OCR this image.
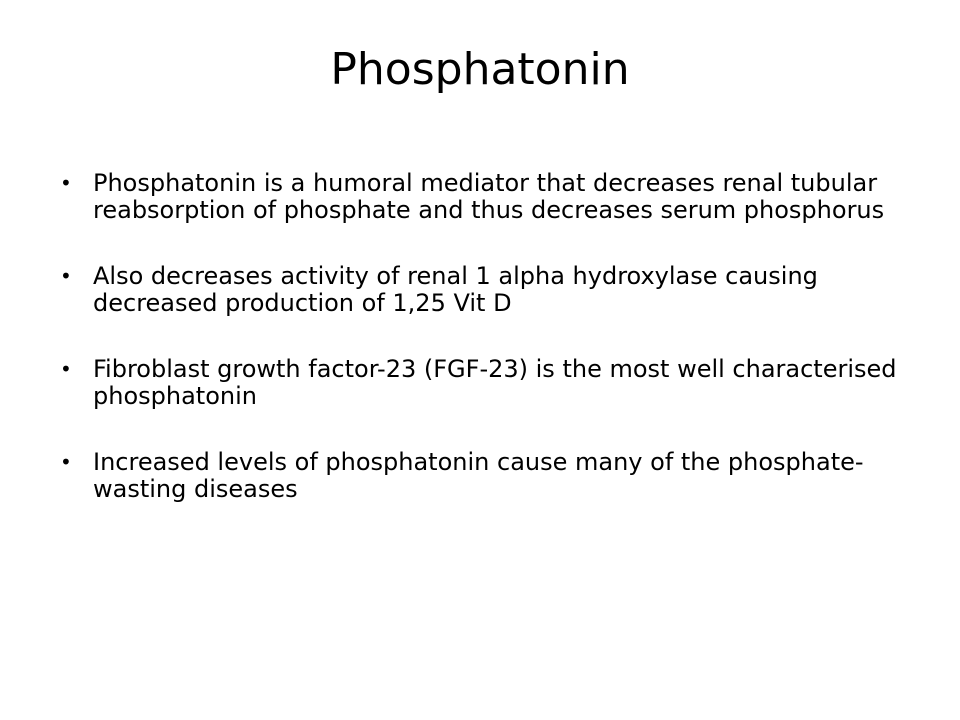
Phosphatonin
• Phosphatonin is a humoral mediator that decreases renal tubular reabsorption of phosphate and thus decreases serum phosphorus
• Also decreases activity of renal 1 alpha hydroxylase causing decreased production of 1,25 Vit D
• Fibroblast growth factor-23 (FGF-23) is the most well characterised phosphatonin
• Increased levels of phosphatonin cause many of the phosphate-wasting diseases
